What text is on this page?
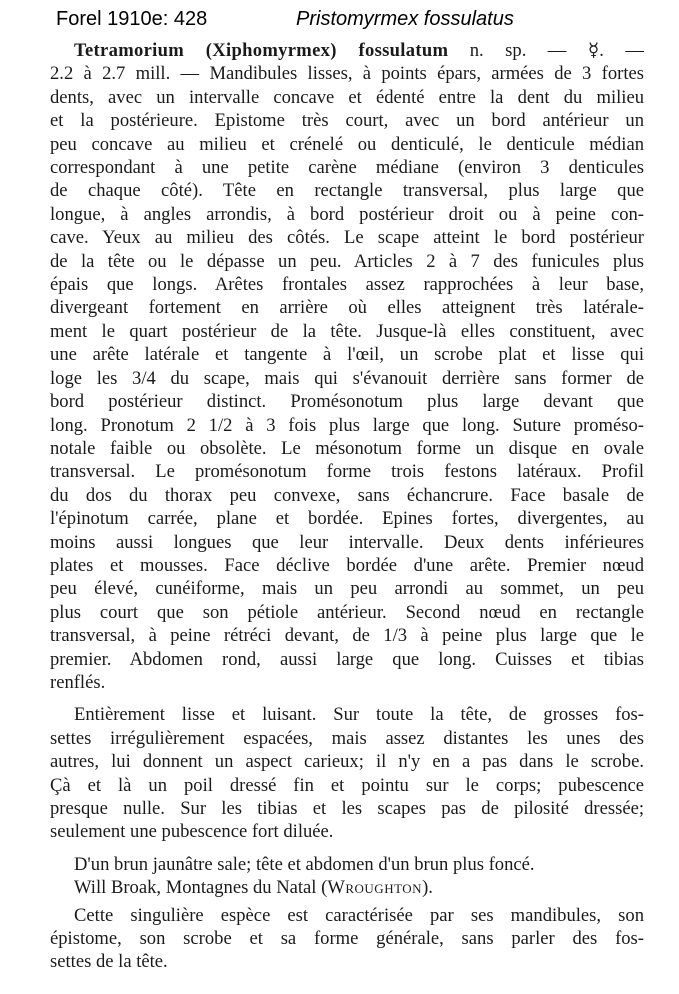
Forel 1910e: 428	Pristomyrmex fossulatus
Tetramorium (Xiphomyrmex) fossulatum n. sp. — ☿. —
2.2 à 2.7 mill. — Mandibules lisses, à points épars, armées de 3 fortes
dents, avec un intervalle concave et édenté entre la dent du milieu
et la postérieure. Epistome très court, avec un bord antérieur un
peu concave au milieu et crénelé ou denticulé, le denticule médian
correspondant à une petite carène médiane (environ 3 denticules
de chaque côté). Tête en rectangle transversal, plus large que
longue, à angles arrondis, à bord postérieur droit ou à peine con-
cave. Yeux au milieu des côtés. Le scape atteint le bord postérieur
de la tête ou le dépasse un peu. Articles 2 à 7 des funicules plus
épais que longs. Arêtes frontales assez rapprochées à leur base,
divergeant fortement en arrière où elles atteignent très latérale-
ment le quart postérieur de la tête. Jusque-là elles constituent, avec
une arête latérale et tangente à l'œil, un scrobe plat et lisse qui
loge les 3/4 du scape, mais qui s'évanouit derrière sans former de
bord postérieur distinct. Promésonotum plus large devant que
long. Pronotum 2 1/2 à 3 fois plus large que long. Suture promésо-
notale faible ou obsolète. Le mésonotum forme un disque en ovale
transversal. Le promésonotum forme trois festons latéraux. Profil
du dos du thorax peu convexe, sans échancrure. Face basale de
l'épinotum carrée, plane et bordée. Epines fortes, divergentes, au
moins aussi longues que leur intervalle. Deux dents inférieures
plates et mousses. Face déclive bordée d'une arête. Premier nœud
peu élevé, cunéiforme, mais un peu arrondi au sommet, un peu
plus court que son pétiole antérieur. Second nœud en rectangle
transversal, à peine rétréci devant, de 1/3 à peine plus large que le
premier. Abdomen rond, aussi large que long. Cuisses et tibias
renflés.
Entièrement lisse et luisant. Sur toute la tête, de grosses fos-
settes irrégulièrement espacées, mais assez distantes les unes des
autres, lui donnent un aspect carieux; il n'y en a pas dans le scrobe.
Çà et là un poil dressé fin et pointu sur le corps; pubescence
presque nulle. Sur les tibias et les scapes pas de pilosité dressée;
seulement une pubescence fort diluée.
D'un brun jaunâtre sale; tête et abdomen d'un brun plus foncé.
Will Broak, Montagnes du Natal (Wroughton).
Cette singulière espèce est caractérisée par ses mandibules, son
épistome, son scrobe et sa forme générale, sans parler des fos-
settes de la tête.
